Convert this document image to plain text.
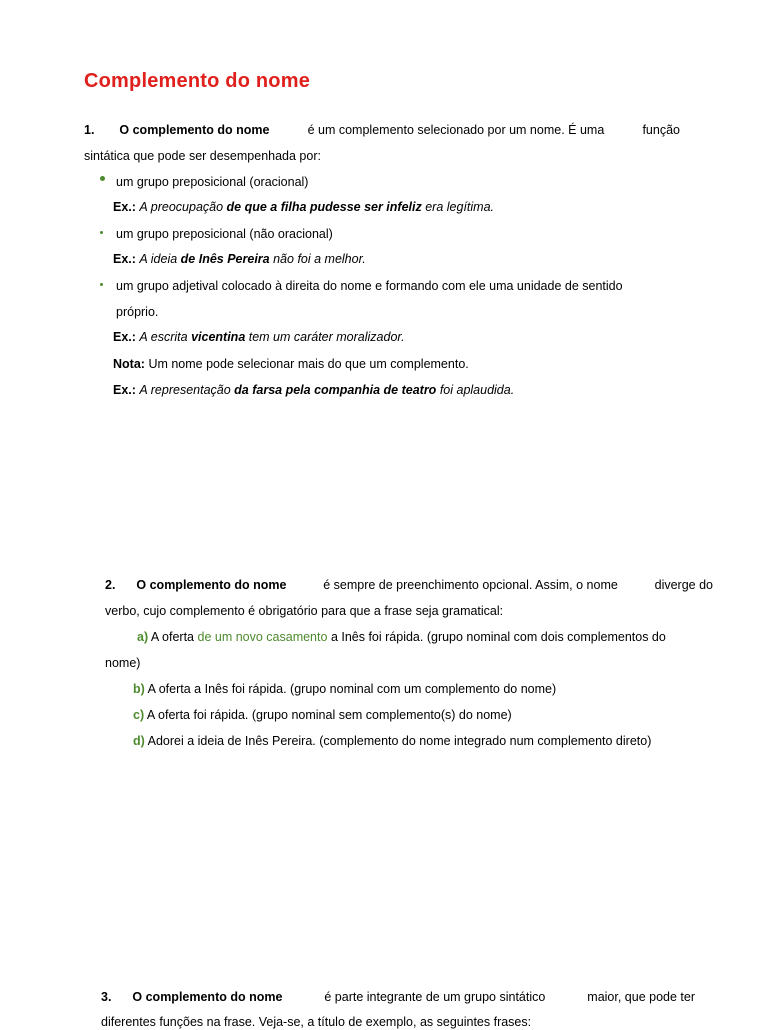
Complemento do nome
1. O complemento do nome	é um complemento selecionado por um nome. É uma	função
sintática que pode ser desempenhada por:
um grupo preposicional (oracional)
Ex.: A preocupação de que a filha pudesse ser infeliz era legítima.
um grupo preposicional (não oracional)
Ex.: A ideia de Inês Pereira não foi a melhor.
um grupo adjetival colocado à direita do nome e formando com ele uma unidade de sentido
próprio.
Ex.: A escrita vicentina tem um caráter moralizador.
Nota: Um nome pode selecionar mais do que um complemento.
Ex.: A representação da farsa pela companhia de teatro foi aplaudida.
2. O complemento do nome	é sempre de preenchimento opcional. Assim, o nome	diverge do
verbo, cujo complemento é obrigatório para que a frase seja gramatical:
a) A oferta de um novo casamento a Inês foi rápida. (grupo nominal com dois complementos do
nome)
b) A oferta a Inês foi rápida. (grupo nominal com um complemento do nome)
c) A oferta foi rápida. (grupo nominal sem complemento(s) do nome)
d) Adorei a ideia de Inês Pereira. (complemento do nome integrado num complemento direto)
3. O complemento do nome	é parte integrante de um grupo sintático	maior, que pode ter
diferentes funções na frase. Veja-se, a título de exemplo, as seguintes frases:
